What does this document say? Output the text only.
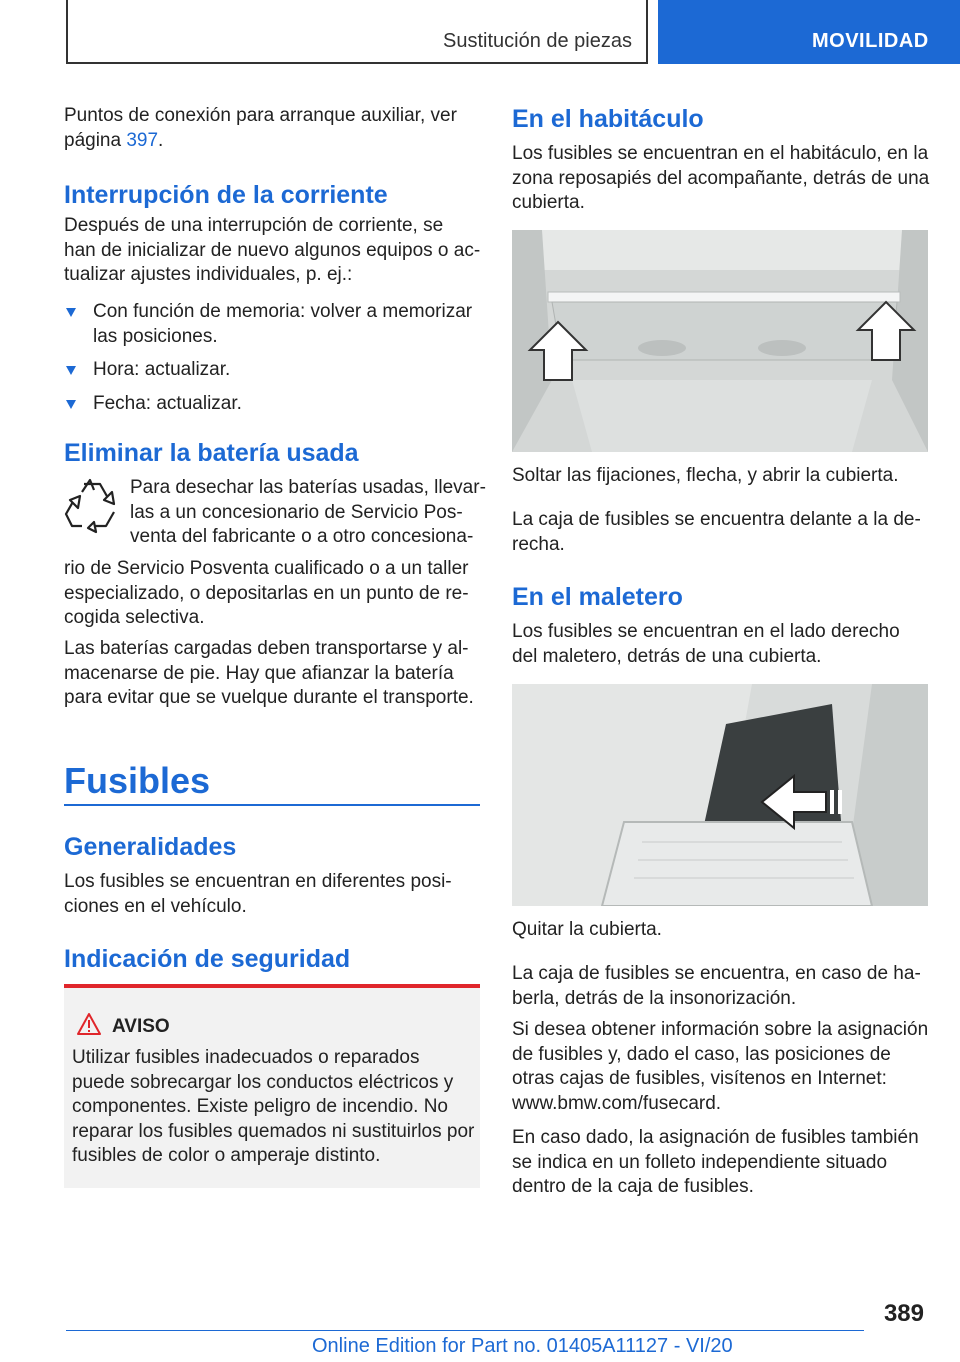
Sustitución de piezas	MOVILIDAD

Puntos de conexión para arranque auxiliar, ver

página 397.

Interrupción de la corriente

Después de una interrupción de corriente, se

han de inicializar de nuevo algunos equipos o ac-

tualizar ajustes individuales, p. ej.:

Con función de memoria: volver a memorizar
las posiciones.
Hora: actualizar.
Fecha: actualizar.
Eliminar la batería usada

Para desechar las baterías usadas, llevar-

las a un concesionario de Servicio Pos-

venta del fabricante o a otro concesiona-

rio de Servicio Posventa cualificado o a un taller

especializado, o depositarlas en un punto de re-

cogida selectiva.

Las baterías cargadas deben transportarse y al-

macenarse de pie. Hay que afianzar la batería

para evitar que se vuelque durante el transporte.

Fusibles
Generalidades

Los fusibles se encuentran en diferentes posi-

ciones en el vehículo.

Indicación de seguridad
AVISO

Utilizar fusibles inadecuados o reparados

puede sobrecargar los conductos eléctricos y

componentes. Existe peligro de incendio. No

reparar los fusibles quemados ni sustituirlos por

fusibles de color o amperaje distinto.

En el habitáculo

Los fusibles se encuentran en el habitáculo, en la

zona reposapiés del acompañante, detrás de una

cubierta.

Soltar las fijaciones, flecha, y abrir la cubierta.

La caja de fusibles se encuentra delante a la de-

recha.

En el maletero

Los fusibles se encuentran en el lado derecho

del maletero, detrás de una cubierta.

Quitar la cubierta.

La caja de fusibles se encuentra, en caso de ha-

berla, detrás de la insonorización.

Si desea obtener información sobre la asignación

de fusibles y, dado el caso, las posiciones de

otras cajas de fusibles, visítenos en Internet:

www.bmw.com/fusecard.

En caso dado, la asignación de fusibles también

se indica en un folleto independiente situado

dentro de la caja de fusibles.

389
Online Edition for Part no. 01405A11127 - VI/20
